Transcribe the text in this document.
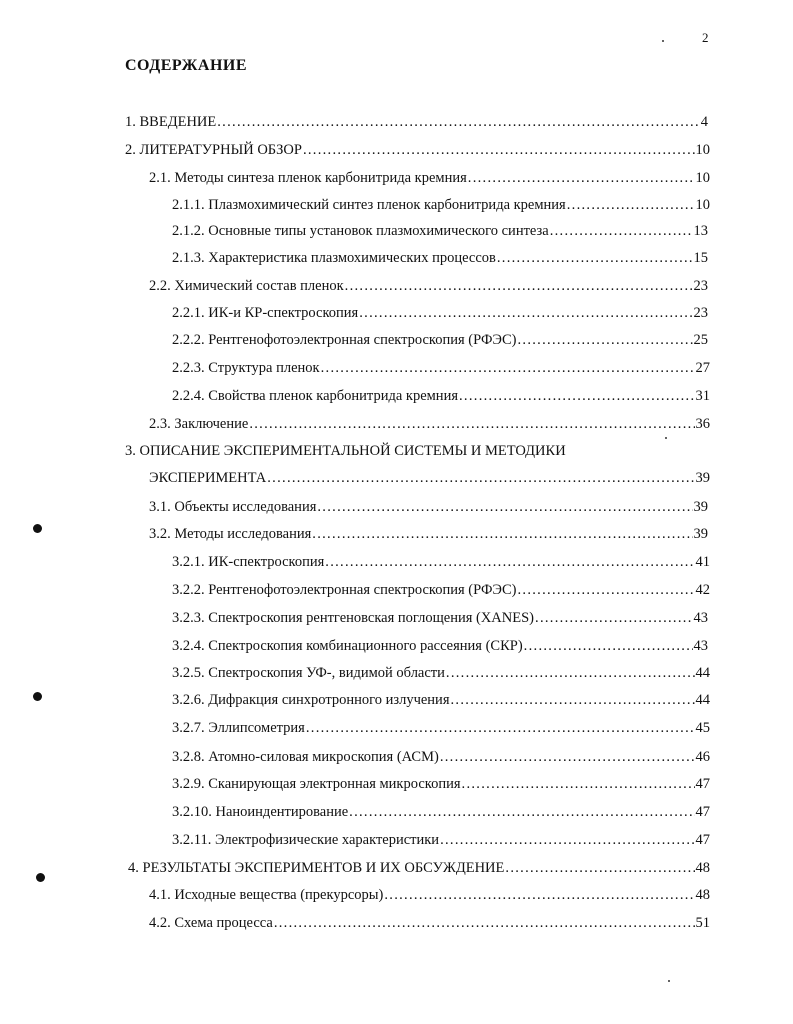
2
СОДЕРЖАНИЕ
1. ВВЕДЕНИЕ .....	4
2. ЛИТЕРАТУРНЫЙ ОБЗОР .....	10
2.1. Методы синтеза пленок карбонитрида кремния .....	10
2.1.1. Плазмохимический синтез пленок карбонитрида кремния .....	10
2.1.2. Основные типы установок плазмохимического синтеза .....	13
2.1.3. Характеристика плазмохимических процессов .....	15
2.2. Химический состав пленок .....	23
2.2.1. ИК-и КР-спектроскопия .....	23
2.2.2. Рентгенофотоэлектронная спектроскопия (РФЭС) .....	25
2.2.3. Структура пленок .....	27
2.2.4. Свойства пленок карбонитрида кремния .....	31
2.3. Заключение .....	36
3. ОПИСАНИЕ ЭКСПЕРИМЕНТАЛЬНОЙ СИСТЕМЫ И МЕТОДИКИ
ЭКСПЕРИМЕНТА .....	39
3.1. Объекты исследования .....	39
3.2. Методы исследования .....	39
3.2.1. ИК-спектроскопия .....	41
3.2.2. Рентгенофотоэлектронная спектроскопия (РФЭС) .....	42
3.2.3. Спектроскопия рентгеновская поглощения (XANES) .....	43
3.2.4. Спектроскопия комбинационного рассеяния (СКР) .....	43
3.2.5. Спектроскопия УФ-, видимой области .....	44
3.2.6. Дифракция синхротронного излучения .....	44
3.2.7. Эллипсометрия .....	45
3.2.8. Атомно-силовая микроскопия (АСМ) .....	46
3.2.9. Сканирующая электронная микроскопия .....	47
3.2.10. Наноиндентирование .....	47
3.2.11. Электрофизические характеристики .....	47
4. РЕЗУЛЬТАТЫ ЭКСПЕРИМЕНТОВ И ИХ ОБСУЖДЕНИЕ .....	48
4.1. Исходные вещества (прекурсоры) .....	48
4.2. Схема процесса .....	51
